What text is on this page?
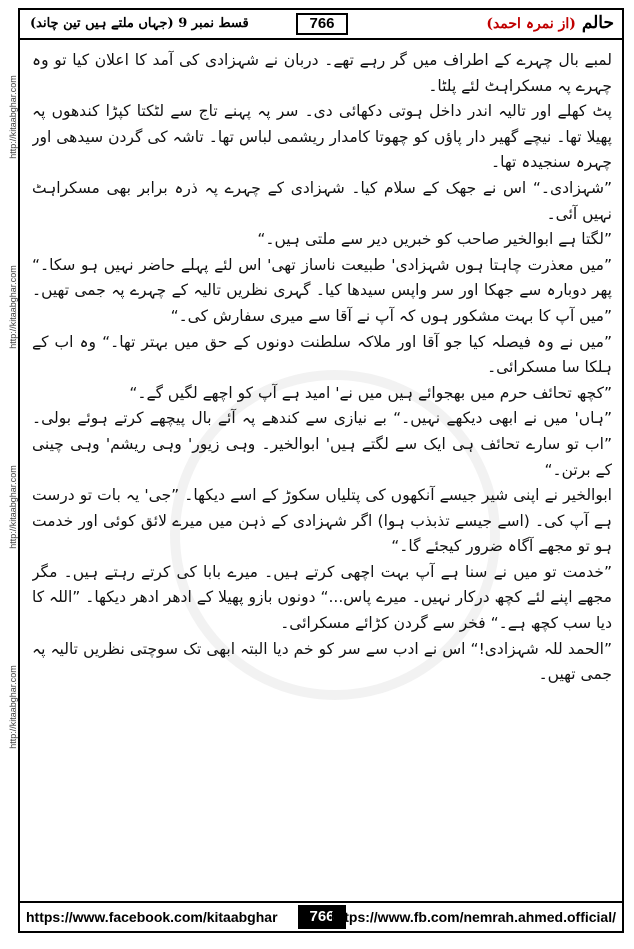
http://kitaabghar.com
http://kitaabghar.com
http://kitaabghar.com
http://kitaabghar.com
حالم (از نمرہ احمد)
766
قسط نمبر 9 (جہاں ملتے ہیں تین چاند)

لمبے بال چہرے کے اطراف میں گر رہے تھے۔ دربان نے شہزادی کی آمد کا اعلان کیا تو وہ چہرے پہ مسکراہٹ لئے پلٹا۔

پٹ کھلے اور تالیہ اندر داخل ہوتی دکھائی دی۔ سر پہ پہنے تاج سے لٹکتا کپڑا کندھوں پہ پھیلا تھا۔ نیچے گھیر دار پاؤں کو چھوتا کامدار ریشمی لباس تھا۔ تاشہ کی گردن سیدھی اور چہرہ سنجیدہ تھا۔

”شہزادی۔“ اس نے جھک کے سلام کیا۔ شہزادی کے چہرے پہ ذرہ برابر بھی مسکراہٹ نہیں آئی۔

”لگتا ہے ابوالخیر صاحب کو خبریں دیر سے ملتی ہیں۔“

”میں معذرت چاہتا ہوں شہزادی' طبیعت ناساز تھی' اس لئے پہلے حاضر نہیں ہو سکا۔“ پھر دوبارہ سے جھکا اور سر واپس سیدھا کیا۔ گہری نظریں تالیہ کے چہرے پہ جمی تھیں۔ ”میں آپ کا بہت مشکور ہوں کہ آپ نے آقا سے میری سفارش کی۔“

”میں نے وہ فیصلہ کیا جو آقا اور ملاکہ سلطنت دونوں کے حق میں بہتر تھا۔“ وہ اب کے ہلکا سا مسکرائی۔

”کچھ تحائف حرم میں بھجوائے ہیں میں نے' امید ہے آپ کو اچھے لگیں گے۔“

”ہاں' میں نے ابھی دیکھے نہیں۔“ بے نیازی سے کندھے پہ آئے بال پیچھے کرتے ہوئے بولی۔ ”اب تو سارے تحائف ہی ایک سے لگتے ہیں' ابوالخیر۔ وہی زیور' وہی ریشم' وہی چینی کے برتن۔“

ابوالخیر نے اپنی شیر جیسے آنکھوں کی پتلیاں سکوڑ کے اسے دیکھا۔ ”جی' یہ بات تو درست ہے آپ کی۔ (اسے جیسے تذبذب ہوا) اگر شہزادی کے ذہن میں میرے لائق کوئی اور خدمت ہو تو مجھے آگاہ ضرور کیجئے گا۔“

”خدمت تو میں نے سنا ہے آپ بہت اچھی کرتے ہیں۔ میرے بابا کی کرتے رہتے ہیں۔ مگر مجھے اپنے لئے کچھ درکار نہیں۔ میرے پاس...“ دونوں بازو پھیلا کے ادھر ادھر دیکھا۔ ”اللہ کا دیا سب کچھ ہے۔“ فخر سے گردن کڑائے مسکرائی۔

”الحمد للہ شہزادی!“ اس نے ادب سے سر کو خم دیا البتہ ابھی تک سوچتی نظریں تالیہ پہ جمی تھیں۔

https://www.facebook.com/kitaabghar	766
https://www.fb.com/nemrah.ahmed.official/
